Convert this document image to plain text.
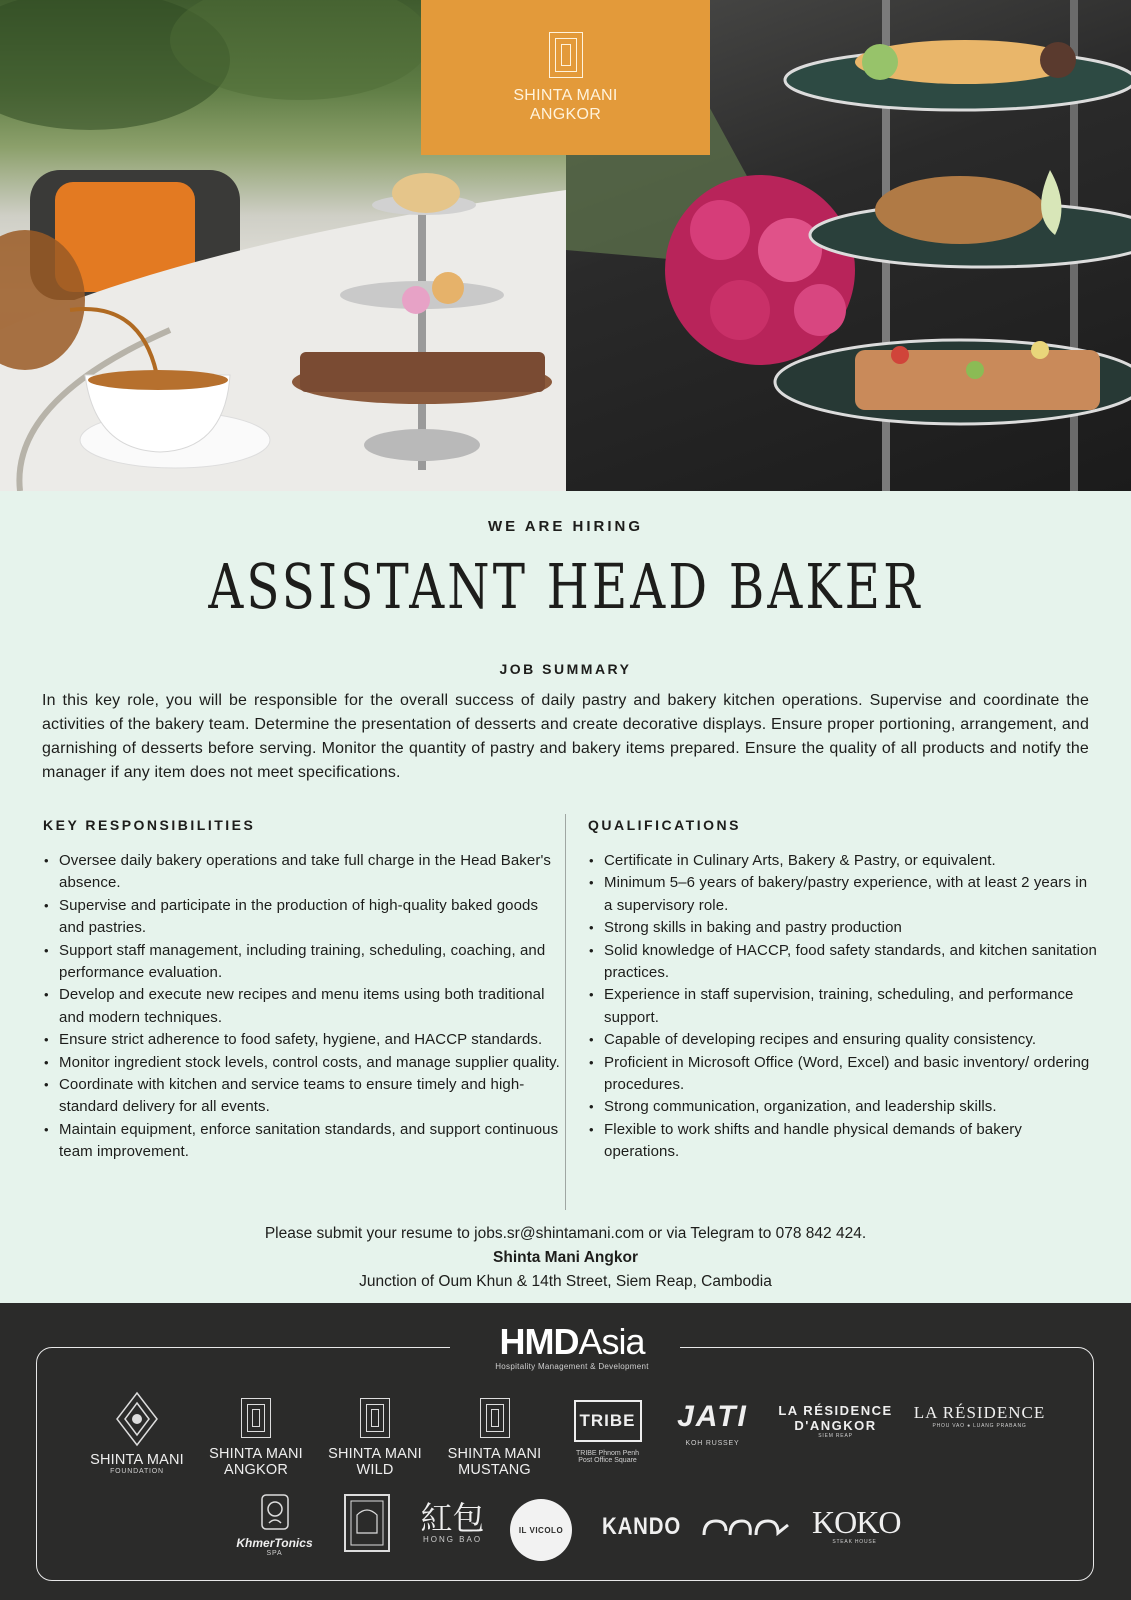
SHINTA MANI
ANGKOR
WE ARE HIRING
ASSISTANT HEAD BAKER
JOB SUMMARY

In this key role, you will be responsible for the overall success of daily pastry and bakery kitchen operations. Supervise and coordinate the activities of the bakery team. Determine the presentation of desserts and create decorative displays. Ensure proper portioning, arrangement, and garnishing of desserts before serving. Monitor the quantity of pastry and bakery items prepared. Ensure the quality of all products and notify the manager if any item does not meet specifications.

KEY RESPONSIBILITIES
• Oversee daily bakery operations and take full charge in the Head Baker's absence.
• Supervise and participate in the production of high-quality baked goods and pastries.
• Support staff management, including training, scheduling, coaching, and performance evaluation.
• Develop and execute new recipes and menu items using both traditional and modern techniques.
• Ensure strict adherence to food safety, hygiene, and HACCP standards.
• Monitor ingredient stock levels, control costs, and manage supplier quality.
• Coordinate with kitchen and service teams to ensure timely and high-standard delivery for all events.
• Maintain equipment, enforce sanitation standards, and support continuous team improvement.
QUALIFICATIONS
• Certificate in Culinary Arts, Bakery & Pastry, or equivalent.
• Minimum 5–6 years of bakery/pastry experience, with at least 2 years in a supervisory role.
• Strong skills in baking and pastry production
• Solid knowledge of HACCP, food safety standards, and kitchen sanitation practices.
• Experience in staff supervision, training, scheduling, and performance support.
• Capable of developing recipes and ensuring quality consistency.
• Proficient in Microsoft Office (Word, Excel) and basic inventory/ ordering procedures.
• Strong communication, organization, and leadership skills.
• Flexible to work shifts and handle physical demands of bakery operations.
Please submit your resume to jobs.sr@shintamani.com or via Telegram to 078 842 424.
Shinta Mani Angkor
Junction of Oum Khun & 14th Street, Siem Reap, Cambodia
HMDAsia
Hospitality Management & Development
SHINTA MANI
FOUNDATION
SHINTA MANI
ANGKOR
SHINTA MANI
WILD
SHINTA MANI
MUSTANG
TRIBE
TRIBE Phnom Penh
Post Office Square
JATI
KOH RUSSEY
LA RÉSIDENCE
D'ANGKOR
SIEM REAP
LA RÉSIDENCE
PHOU VAO ● LUANG PRABANG
KhmerTonics
SPA
紅包
HONG BAO
IL VICOLO KANDO	KOKO
STEAK HOUSE
